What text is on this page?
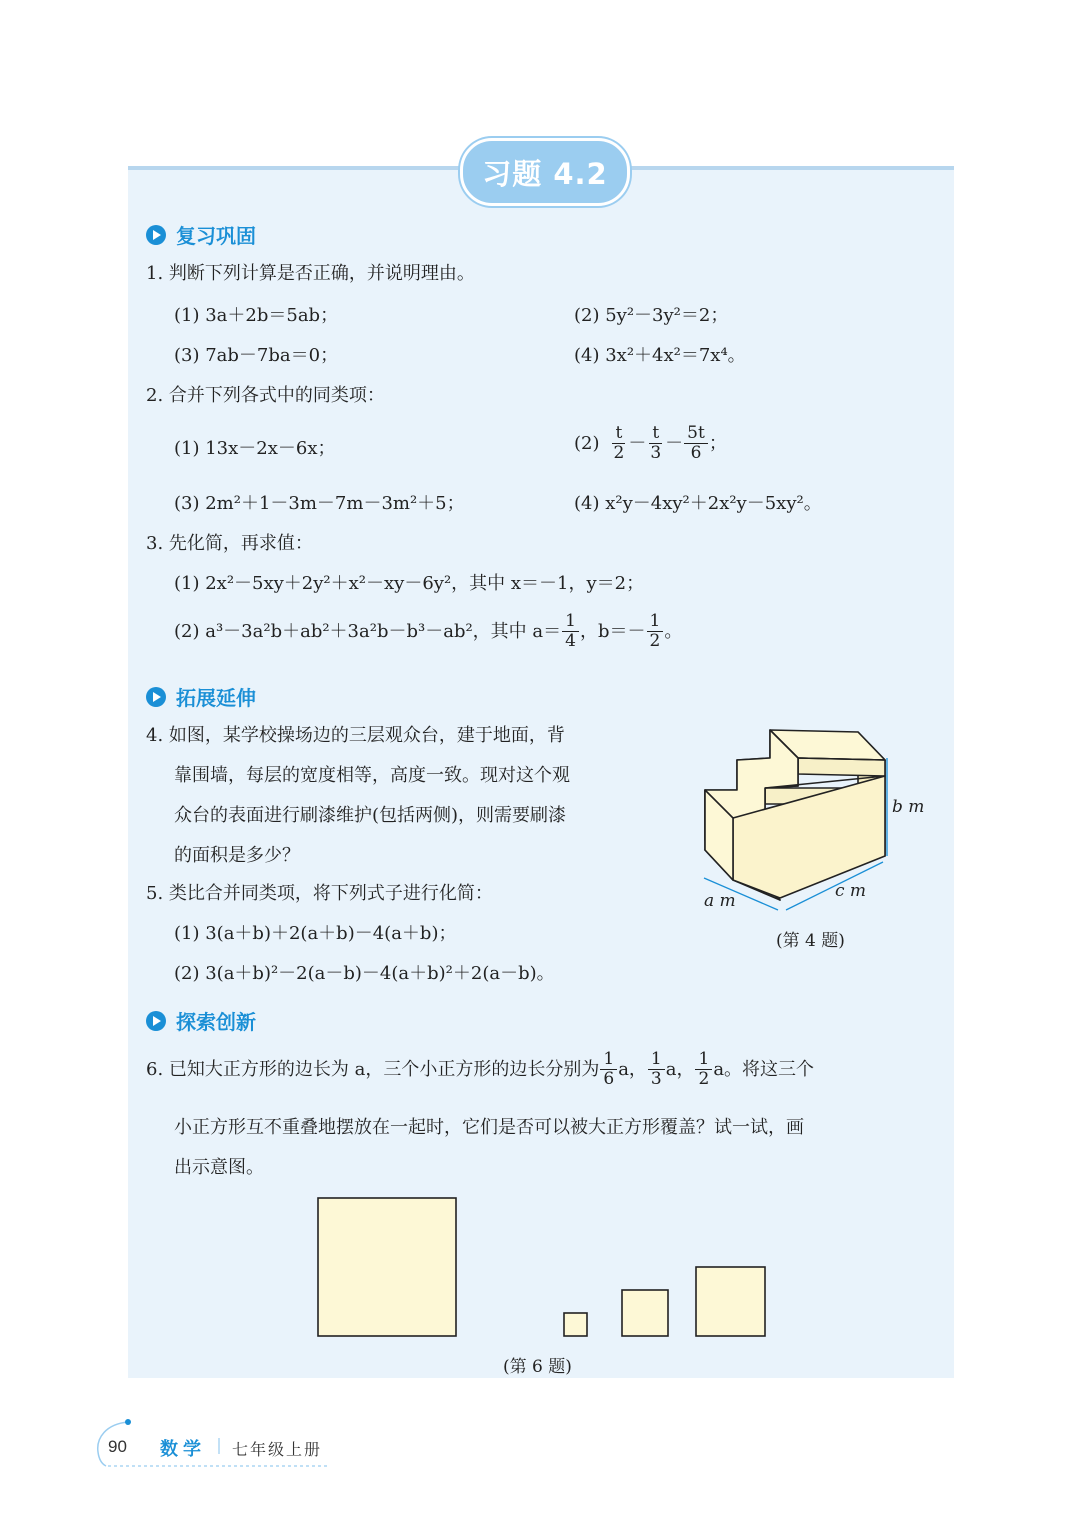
习题 4.2
复习巩固
1. 判断下列计算是否正确，并说明理由。
(1) 3a＋2b＝5ab；	(2) 5y²－3y²＝2；
(3) 7ab－7ba＝0；	(4) 3x²＋4x²＝7x⁴。
2. 合并下列各式中的同类项：
(1) 13x－2x－6x；	$(2) \frac{t}{2} - \frac{t}{3} - \frac{5t}{6}$ ；
(3) 2m²＋1－3m－7m－3m²＋5；	(4) x²y－4xy²＋2x²y－5xy²。
3. 先化简，再求值：
(1) 2x²－5xy＋2y²＋x²－xy－6y²，其中 x＝－1，y＝2；
(2) a³－3a²b＋ab²＋3a²b－b³－ab²，其中 $a= \frac{1}{4}$ ，$b=- \frac{1}{2}$ 。
拓展延伸
4. 如图，某学校操场边的三层观众台，建于地面，背
靠围墙，每层的宽度相等，高度一致。现对这个观
众台的表面进行刷漆维护(包括两侧)，则需要刷漆
的面积是多少？
b m
c m
a m
(第 4 题)
5. 类比合并同类项，将下列式子进行化简：
(1) 3(a＋b)＋2(a＋b)－4(a＋b)；
(2) 3(a＋b)²－2(a－b)－4(a＋b)²＋2(a－b)。
探索创新
6. 已知大正方形的边长为 a，三个小正方形的边长分别为 $\frac{1}{6}$ a ， $\frac{1}{3}$ a ， $\frac{1}{2}$ a。将这三个
小正方形互不重叠地摆放在一起时，它们是否可以被大正方形覆盖？试一试，画
出示意图。
(第 6 题)
90 数学 七年级上册
